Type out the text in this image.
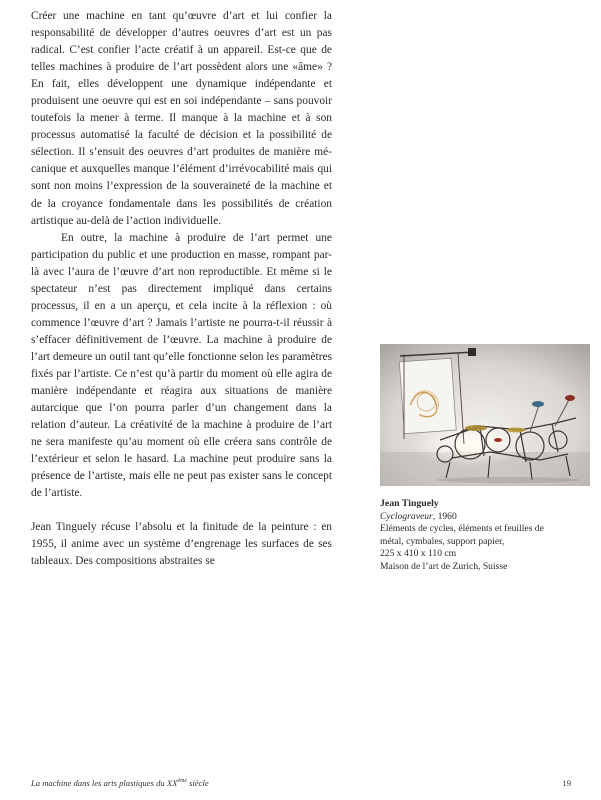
Créer une machine en tant qu’œuvre d’art et lui confier la responsabilité de développer d’autres oeuvres d’art est un pas radical. C’est confier l’acte créatif à un appareil. Est-ce que de telles machines à produire de l’art possèdent alors une «âme» ? En fait, elles développent une dynamique indépendante et produisent une oeuvre qui est en soi indépendante – sans pouvoir toutefois la mener à terme. Il manque à la machine et à son processus automatisé la faculté de décision et la possibilité de sélection. Il s’ensuit des oeuvres d’art produites de manière mécanique et auxquelles manque l’élément d’irrévocabilité mais qui sont non moins l’expression de la souveraineté de la machine et de la croyance fondamentale dans les possibilités de création artistique au-delà de l’action individuelle.

En outre, la machine à produire de l’art permet une participation du public et une production en masse, rompant par-là avec l’aura de l’œuvre d’art non reproductible. Et même si le spectateur n’est pas directement impliqué dans certains processus, il en a un aperçu, et cela incite à la réflexion : où commence l’œuvre d’art ? Jamais l’artiste ne pourra-t-il réussir à s’effacer définitivement de l’œuvre. La machine à produire de l’art demeure un outil tant qu’elle fonctionne selon les paramètres fixés par l’artiste. Ce n’est qu’à partir du moment où elle agira de manière indépendante et réagira aux situations de manière autarcique que l’on pourra parler d’un changement dans la relation d’auteur. La créativité de la machine à produire de l’art ne sera manifeste qu’au moment où elle créera sans contrôle de l’extérieur et selon le hasard. La machine peut produire sans la présence de l’artiste, mais elle ne peut pas exister sans le concept de l’artiste.

Jean Tinguely récuse l’absolu et la finitude de la peinture : en 1955, il anime avec un système d’engrenage les surfaces de ses tableaux. Des compositions abstraites se

Jean Tinguely
Cyclograveur, 1960
Eléments de cycles, éléments et feuilles de
métal, cymbales, support papier,
225 x 410 x 110 cm
Maison de l’art de Zurich, Suisse
La machine dans les arts plastiques du XXème siècle	19
